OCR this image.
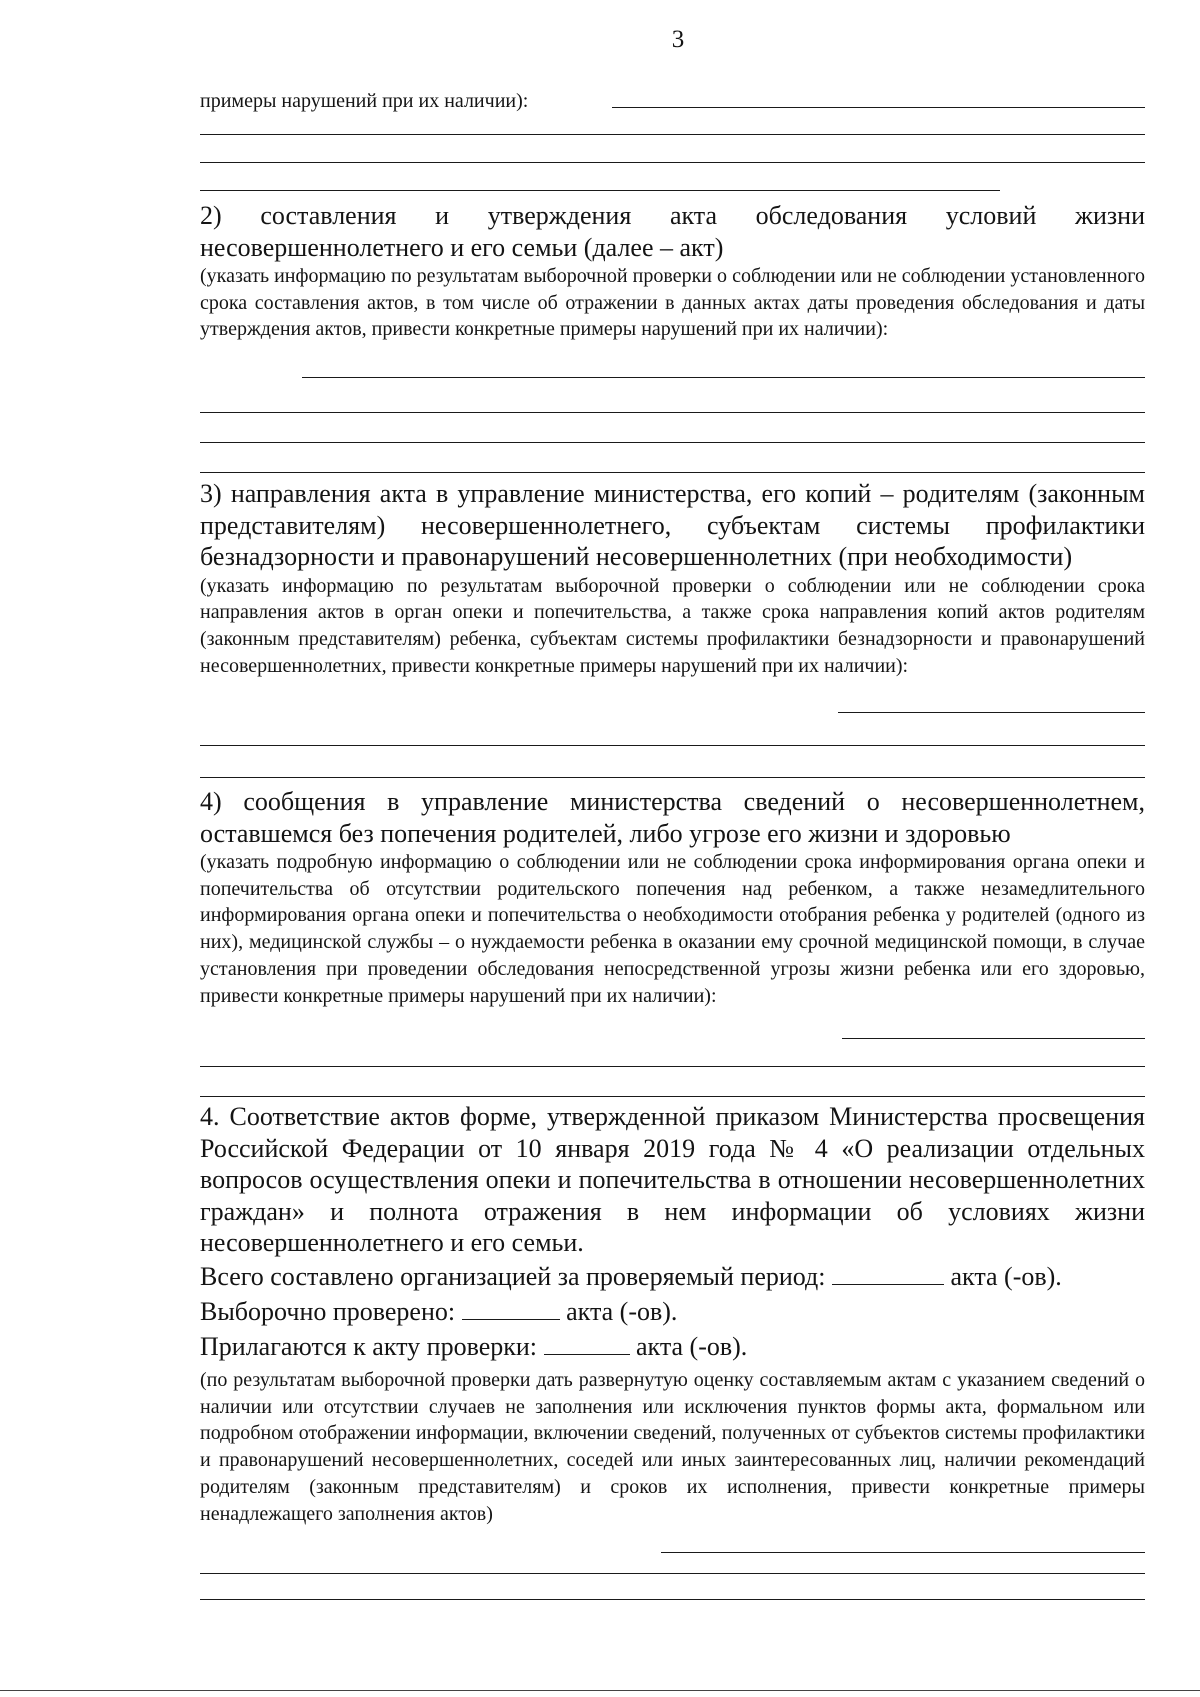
3
примеры нарушений при их наличии):
2) составления и утверждения акта обследования условий жизни несовершеннолетнего и его семьи (далее – акт)
(указать информацию по результатам выборочной проверки о соблюдении или не соблюдении установленного срока составления актов, в том числе об отражении в данных актах даты проведения обследования и даты утверждения актов, привести конкретные примеры нарушений при их наличии):
3) направления акта в управление министерства, его копий – родителям (законным представителям) несовершеннолетнего, субъектам системы профилактики безнадзорности и правонарушений несовершеннолетних (при необходимости)
(указать информацию по результатам выборочной проверки о соблюдении или не соблюдении срока направления актов в орган опеки и попечительства, а также срока направления копий актов родителям (законным представителям) ребенка, субъектам системы профилактики безнадзорности и правонарушений несовершеннолетних, привести конкретные примеры нарушений при их наличии):
4) сообщения в управление министерства сведений о несовершеннолетнем, оставшемся без попечения родителей, либо угрозе его жизни и здоровью
(указать подробную информацию о соблюдении или не соблюдении срока информирования органа опеки и попечительства об отсутствии родительского попечения над ребенком, а также незамедлительного информирования органа опеки и попечительства о необходимости отобрания ребенка у родителей (одного из них), медицинской службы – о нуждаемости ребенка в оказании ему срочной медицинской помощи, в случае установления при проведении обследования непосредственной угрозы жизни ребенка или его здоровью, привести конкретные примеры нарушений при их наличии):
4. Соответствие актов форме, утвержденной приказом Министерства просвещения Российской Федерации от 10 января 2019 года № 4 «О реализации отдельных вопросов осуществления опеки и попечительства в отношении несовершеннолетних граждан» и полнота отражения в нем информации об условиях жизни несовершеннолетнего и его семьи.
Всего составлено организацией за проверяемый период:	акта (-ов).
Выборочно проверено:	акта (-ов).
Прилагаются к акту проверки:	акта (-ов).
(по результатам выборочной проверки дать развернутую оценку составляемым актам с указанием сведений о наличии или отсутствии случаев не заполнения или исключения пунктов формы акта, формальном или подробном отображении информации, включении сведений, полученных от субъектов системы профилактики и правонарушений несовершеннолетних, соседей или иных заинтересованных лиц, наличии рекомендаций родителям (законным представителям) и сроков их исполнения, привести конкретные примеры ненадлежащего заполнения актов)
